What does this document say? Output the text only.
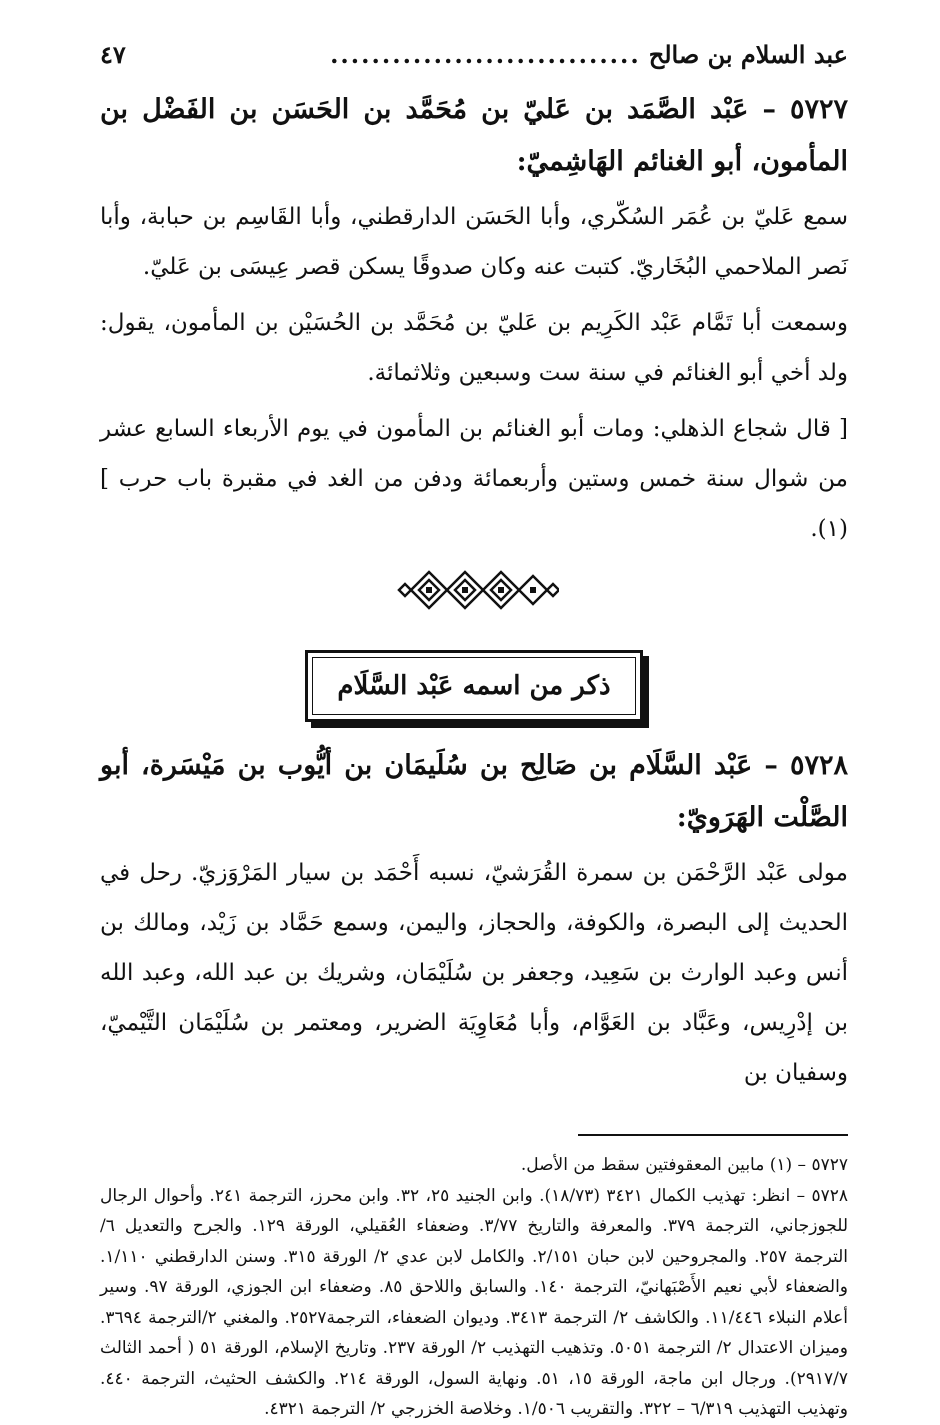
عبد السلام بن صالح
..............................
٤٧
٥٧٢٧ – عَبْد الصَّمَد بن عَليّ بن مُحَمَّد بن الحَسَن بن الفَضْل بن المأمون، أبو الغنائم الهَاشِميّ:

سمع عَليّ بن عُمَر السُكّري، وأبا الحَسَن الدارقطني، وأبا القَاسِم بن حبابة، وأبا نَصر الملاحمي البُخَاريّ. كتبت عنه وكان صدوقًا يسكن قصر عِيسَى بن عَليّ.

وسمعت أبا تَمَّام عَبْد الكَرِيم بن عَليّ بن مُحَمَّد بن الحُسَيْن بن المأمون، يقول: ولد أخي أبو الغنائم في سنة ست وسبعين وثلاثمائة.

[ قال شجاع الذهلي: ومات أبو الغنائم بن المأمون في يوم الأربعاء السابع عشر من شوال سنة خمس وستين وأربعمائة ودفن من الغد في مقبرة باب حرب ] (١).

ذكر من اسمه عَبْد السَّلَام
٥٧٢٨ – عَبْد السَّلَام بن صَالِح بن سُلَيمَان بن أيُّوب بن مَيْسَرة، أبو الصَّلْت الهَرَويّ:

مولى عَبْد الرَّحْمَن بن سمرة القُرَشيّ، نسبه أَحْمَد بن سيار المَرْوَزيّ. رحل في الحديث إلى البصرة، والكوفة، والحجاز، واليمن، وسمع حَمَّاد بن زَيْد، ومالك بن أنس وعبد الوارث بن سَعِيد، وجعفر بن سُلَيْمَان، وشريك بن عبد الله، وعبد الله بن إدْرِيس، وعَبَّاد بن العَوَّام، وأبا مُعَاوِيَة الضرير، ومعتمر بن سُلَيْمَان التَّيْميّ، وسفيان بن

٥٧٢٧ – (١) مابين المعقوفتين سقط من الأصل.

٥٧٢٨ – انظر: تهذيب الكمال ٣٤٢١ (١٨/٧٣). وابن الجنيد ٢٥، ٣٢. وابن محرز، الترجمة ٢٤١. وأحوال الرجال للجوزجاني، الترجمة ٣٧٩. والمعرفة والتاريخ ٣/٧٧. وضعفاء العُقيلي، الورقة ١٢٩. والجرح والتعديل ٦/ الترجمة ٢٥٧. والمجروحين لابن حبان ٢/١٥١. والكامل لابن عدي ٢/ الورقة ٣١٥. وسنن الدارقطني ١/١١٠. والضعفاء لأبي نعيم الأَصْبَهانيّ، الترجمة ١٤٠. والسابق واللاحق ٨٥. وضعفاء ابن الجوزي، الورقة ٩٧. وسير أعلام النبلاء ١١/٤٤٦. والكاشف ٢/ الترجمة ٣٤١٣. وديوان الضعفاء، الترجمة٢٥٢٧. والمغني ٢/الترجمة ٣٦٩٤. وميزان الاعتدال ٢/ الترجمة ٥٠٥١. وتذهيب التهذيب ٢/ الورقة ٢٣٧. وتاريخ الإسلام، الورقة ٥١ ( أحمد الثالث ٢٩١٧/٧). ورجال ابن ماجة، الورقة ١٥، ٥١. ونهاية السول، الورقة ٢١٤. والكشف الحثيث، الترجمة ٤٤٠. وتهذيب التهذيب ٦/٣١٩ – ٣٢٢. والتقريب ١/٥٠٦. وخلاصة الخزرجي ٢/ الترجمة ٤٣٢١.
